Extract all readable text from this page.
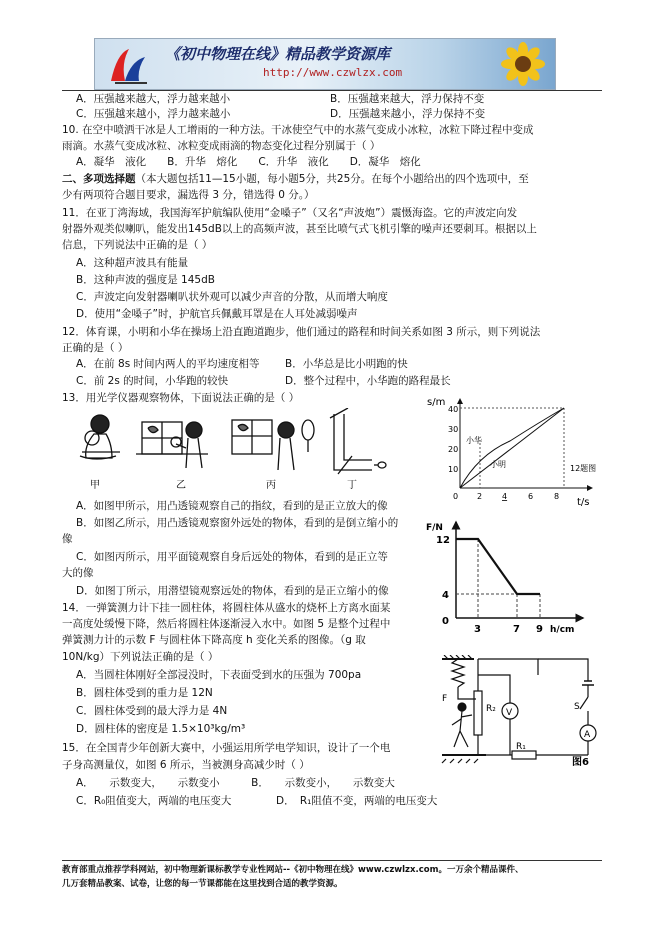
《初中物理在线》精品教学资源库
http://www.czwlzx.com
A．压强越来越大，浮力越来越小	B．压强越来越大，浮力保持不变
C．压强越来越小，浮力越来越小	D．压强越来越小，浮力保持不变
10. 在空中喷洒干冰是人工增雨的一种方法。干冰使空气中的水蒸气变成小冰粒，冰粒下降过程中变成
雨滴。水蒸气变成冰粒、冰粒变成雨滴的物态变化过程分别属于（ ）
A．凝华　液化　　B．升华　熔化　　C．升华　液化　　D．凝华　熔化
二、多项选择题（本大题包括11—15小题，每小题5分，共25分。在每个小题给出的四个选项中，至
少有两项符合题目要求，漏选得 3 分，错选得 0 分。）
11．在亚丁湾海域，我国海军护航编队使用“金嗓子”（又名“声波炮”）震慑海盗。它的声波定向发
射器外观类似喇叭，能发出145dB以上的高频声波，甚至比喷气式飞机引擎的噪声还要刺耳。根据以上
信息，下列说法中正确的是（ ）
A．这种超声波具有能量
B．这种声波的强度是 145dB
C．声波定向发射器喇叭状外观可以减少声音的分散，从而增大响度
D．使用“金嗓子”时，护航官兵佩戴耳罩是在人耳处减弱噪声
12．体育课，小明和小华在操场上沿直跑道跑步，他们通过的路程和时间关系如图 3 所示，则下列说法
正确的是（ ）
A．在前 8s 时间内两人的平均速度相等 B．小华总是比小明跑的快
C．前 2s 的时间，小华跑的较快	D．整个过程中，小华跑的路程最长
13．用光学仪器观察物体，下面说法正确的是（ ）
甲	乙	丙	丁
s/m
t/s
40
30
20
10
0 2 4	6	8
小华
小明	12题图
A．如图甲所示，用凸透镜观察自己的指纹，看到的是正立放大的像
B．如图乙所示，用凸透镜观察窗外远处的物体，看到的是倒立缩小的
像
C．如图丙所示，用平面镜观察自身后远处的物体，看到的是正立等
大的像
D．如图丁所示，用潜望镜观察远处的物体，看到的是正立缩小的像
F/N
12
4
0
3	7 9 h/cm
14．一弹簧测力计下挂一圆柱体，将圆柱体从盛水的烧杯上方离水面某
一高度处缓慢下降，然后将圆柱体逐渐浸入水中。如图 5 是整个过程中
弹簧测力计的示数 F 与圆柱体下降高度 h 变化关系的图像。（g 取
10N/kg）下列说法正确的是（ ）
A．当圆柱体刚好全部浸没时，下表面受到水的压强为 700pa
B．圆柱体受到的重力是 12N
C．圆柱体受到的最大浮力是 4N
D．圆柱体的密度是 1.5×10³kg/m³
F
R₂ V
S
A
R₁
图6
15．在全国青少年创新大赛中，小强运用所学电学知识，设计了一个电
子身高测量仪，如图 6 所示，当被测身高减少时（ ）
A．　　示数变大，　　示数变小　　　B．　　示数变小，　　示数变大
C．R₀阻值变大，两端的电压变大	D．　R₁阻值不变，两端的电压变大
教育部重点推荐学科网站，初中物理新课标教学专业性网站--《初中物理在线》www.czwlzx.com。一万余个精品课件、
几万套精品教案、试卷，让您的每一节课都能在这里找到合适的教学资源。
